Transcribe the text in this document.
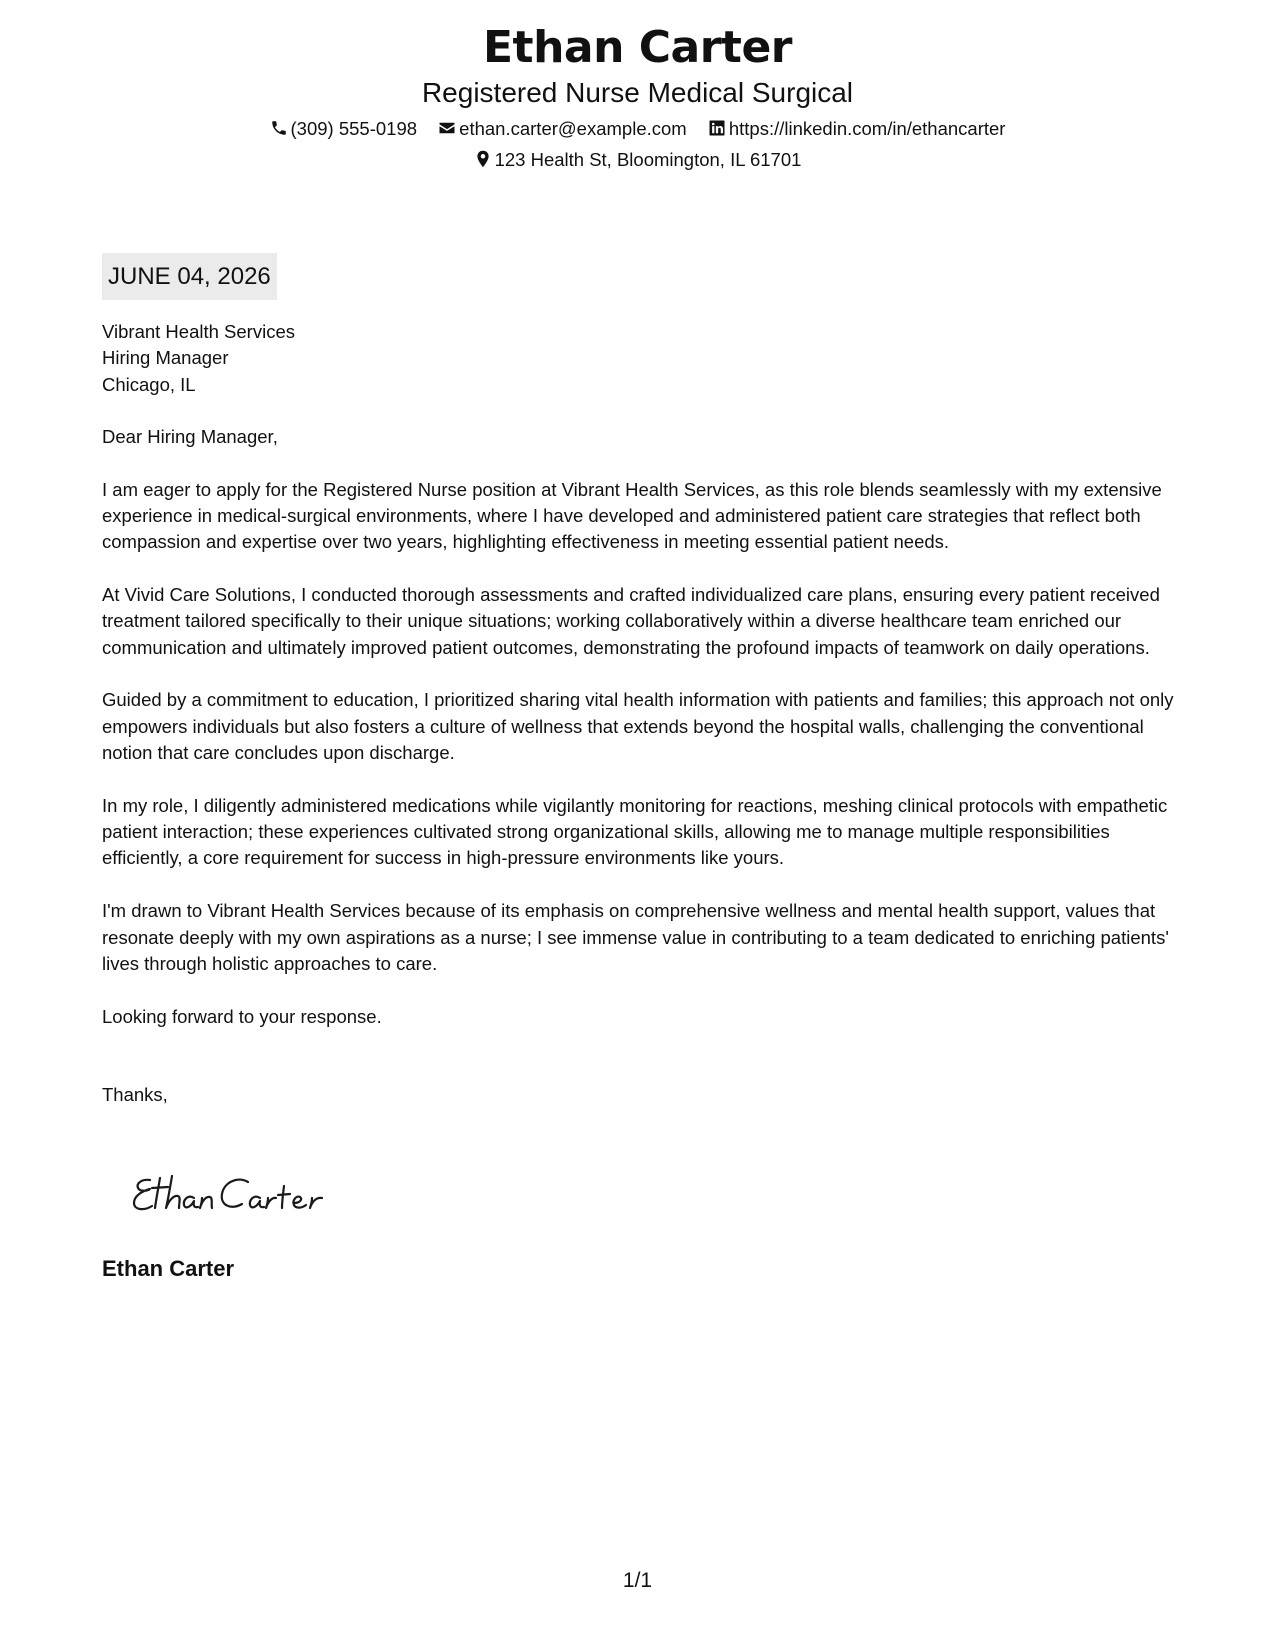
Ethan Carter
Registered Nurse Medical Surgical
(309) 555-0198 ethan.carter@example.com https://linkedin.com/in/ethancarter
123 Health St, Bloomington, IL 61701
JUNE 04, 2026
Vibrant Health Services
Hiring Manager
Chicago, IL

Dear Hiring Manager,

I am eager to apply for the Registered Nurse position at Vibrant Health Services, as this role blends seamlessly with my extensive experience in medical-surgical environments, where I have developed and administered patient care strategies that reflect both compassion and expertise over two years, highlighting effectiveness in meeting essential patient needs.

At Vivid Care Solutions, I conducted thorough assessments and crafted individualized care plans, ensuring every patient received treatment tailored specifically to their unique situations; working collaboratively within a diverse healthcare team enriched our communication and ultimately improved patient outcomes, demonstrating the profound impacts of teamwork on daily operations.

Guided by a commitment to education, I prioritized sharing vital health information with patients and families; this approach not only empowers individuals but also fosters a culture of wellness that extends beyond the hospital walls, challenging the conventional notion that care concludes upon discharge.

In my role, I diligently administered medications while vigilantly monitoring for reactions, meshing clinical protocols with empathetic patient interaction; these experiences cultivated strong organizational skills, allowing me to manage multiple responsibilities efficiently, a core requirement for success in high-pressure environments like yours.

I'm drawn to Vibrant Health Services because of its emphasis on comprehensive wellness and mental health support, values that resonate deeply with my own aspirations as a nurse; I see immense value in contributing to a team dedicated to enriching patients' lives through holistic approaches to care.

Looking forward to your response.

Thanks,

Ethan Carter
1/1
